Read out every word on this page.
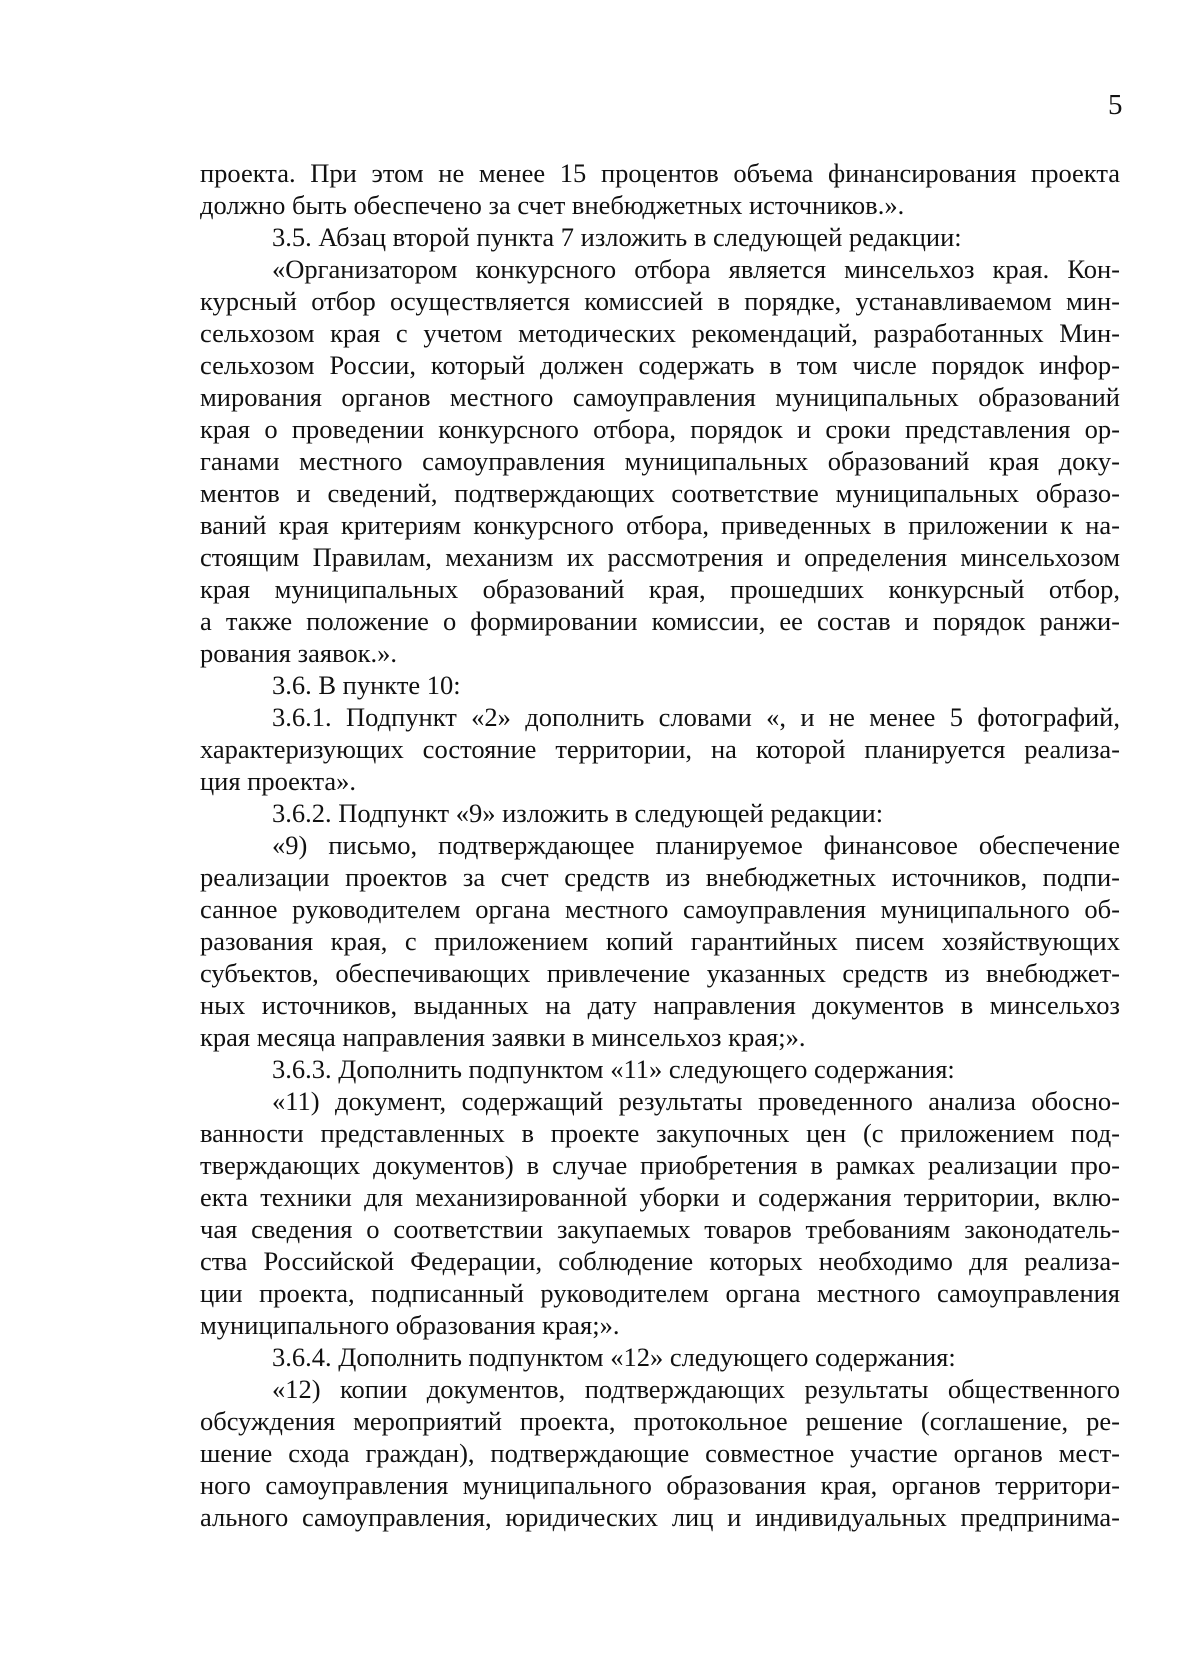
5
проекта. При этом не менее 15 процентов объема финансирования проекта
должно быть обеспечено за счет внебюджетных источников.».
3.5. Абзац второй пункта 7 изложить в следующей редакции:
«Организатором конкурсного отбора является минсельхоз края. Кон-
курсный отбор осуществляется комиссией в порядке, устанавливаемом мин-
сельхозом края с учетом методических рекомендаций, разработанных Мин-
сельхозом России, который должен содержать в том числе порядок инфор-
мирования органов местного самоуправления муниципальных образований
края о проведении конкурсного отбора, порядок и сроки представления ор-
ганами местного самоуправления муниципальных образований края доку-
ментов и сведений, подтверждающих соответствие муниципальных образо-
ваний края критериям конкурсного отбора, приведенных в приложении к на-
стоящим Правилам, механизм их рассмотрения и определения минсельхозом
края муниципальных образований края, прошедших конкурсный отбор,
а также положение о формировании комиссии, ее состав и порядок ранжи-
рования заявок.».
3.6. В пункте 10:
3.6.1. Подпункт «2» дополнить словами «, и не менее 5 фотографий,
характеризующих состояние территории, на которой планируется реализа-
ция проекта».
3.6.2. Подпункт «9» изложить в следующей редакции:
«9) письмо, подтверждающее планируемое финансовое обеспечение
реализации проектов за счет средств из внебюджетных источников, подпи-
санное руководителем органа местного самоуправления муниципального об-
разования края, с приложением копий гарантийных писем хозяйствующих
субъектов, обеспечивающих привлечение указанных средств из внебюджет-
ных источников, выданных на дату направления документов в минсельхоз
края месяца направления заявки в минсельхоз края;».
3.6.3. Дополнить подпунктом «11» следующего содержания:
«11) документ, содержащий результаты проведенного анализа обосно-
ванности представленных в проекте закупочных цен (с приложением под-
тверждающих документов) в случае приобретения в рамках реализации про-
екта техники для механизированной уборки и содержания территории, вклю-
чая сведения о соответствии закупаемых товаров требованиям законодатель-
ства Российской Федерации, соблюдение которых необходимо для реализа-
ции проекта, подписанный руководителем органа местного самоуправления
муниципального образования края;».
3.6.4. Дополнить подпунктом «12» следующего содержания:
«12) копии документов, подтверждающих результаты общественного
обсуждения мероприятий проекта, протокольное решение (соглашение, ре-
шение схода граждан), подтверждающие совместное участие органов мест-
ного самоуправления муниципального образования края, органов территори-
ального самоуправления, юридических лиц и индивидуальных предпринима-
